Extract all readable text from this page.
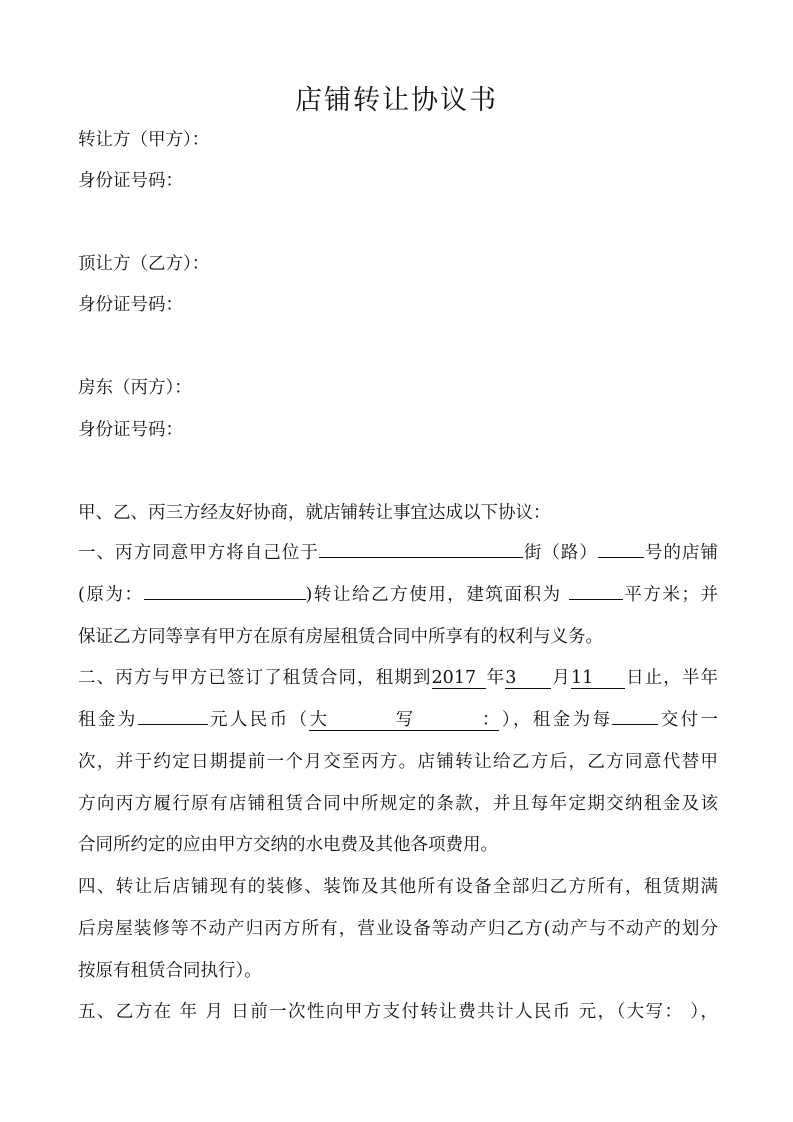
店铺转让协议书
转让方（甲方）：
身份证号码：
顶让方（乙方）：
身份证号码：
房东（丙方）：
身份证号码：
甲、乙、丙三方经友好协商，就店铺转让事宜达成以下协议：
一、丙方同意甲方将自己位于	街（路）	号的店铺
(原为：	)转让给乙方使用，建筑面积为	平方米；并
保证乙方同等享有甲方在原有房屋租赁合同中所享有的权利与义务。
二、丙方与甲方已签订了租赁合同，租期到2017 年3 月11 日止，半年
租金为	元人民币（大写：），租金为每	交付一
次，并于约定日期提前一个月交至丙方。店铺转让给乙方后，乙方同意代替甲
方向丙方履行原有店铺租赁合同中所规定的条款，并且每年定期交纳租金及该
合同所约定的应由甲方交纳的水电费及其他各项费用。
四、转让后店铺现有的装修、装饰及其他所有设备全部归乙方所有，租赁期满
后房屋装修等不动产归丙方所有，营业设备等动产归乙方(动产与不动产的划分
按原有租赁合同执行）。
五、乙方在 年 月 日前一次性向甲方支付转让费共计人民币 元，（大写： ），
